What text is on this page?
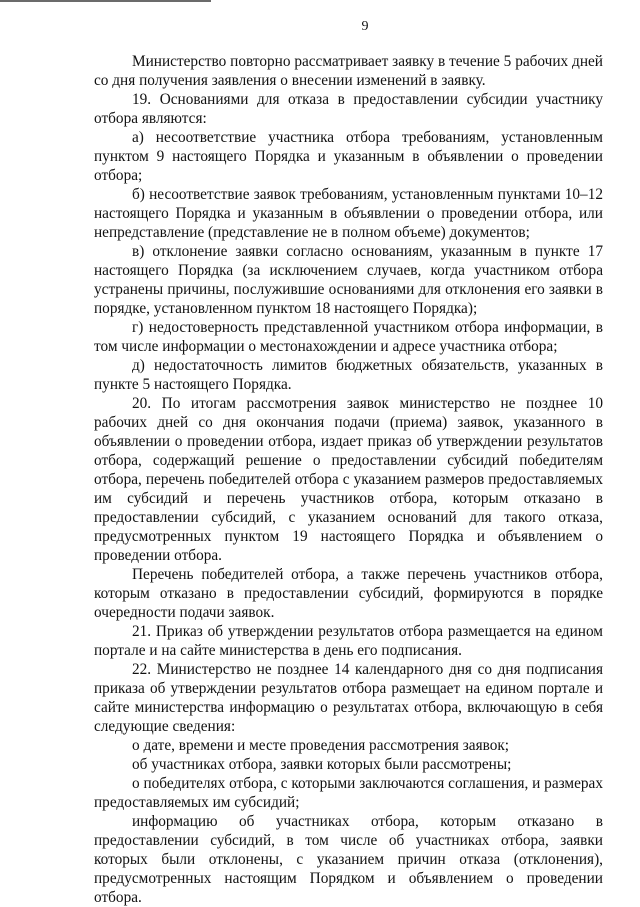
9

Министерство повторно рассматривает заявку в течение 5 рабочих дней со дня получения заявления о внесении изменений в заявку.

19. Основаниями для отказа в предоставлении субсидии участнику отбора являются:

а) несоответствие участника отбора требованиям, установленным пунктом 9 настоящего Порядка и указанным в объявлении о проведении отбора;

б) несоответствие заявок требованиям, установленным пунктами 10–12 настоящего Порядка и указанным в объявлении о проведении отбора, или непредставление (представление не в полном объеме) документов;

в) отклонение заявки согласно основаниям, указанным в пункте 17 настоящего Порядка (за исключением случаев, когда участником отбора устранены причины, послужившие основаниями для отклонения его заявки в порядке, установленном пунктом 18 настоящего Порядка);

г) недостоверность представленной участником отбора информации, в том числе информации о местонахождении и адресе участника отбора;

д) недостаточность лимитов бюджетных обязательств, указанных в пункте 5 настоящего Порядка.

20. По итогам рассмотрения заявок министерство не позднее 10 рабочих дней со дня окончания подачи (приема) заявок, указанного в объявлении о проведении отбора, издает приказ об утверждении результатов отбора, содержащий решение о предоставлении субсидий победителям отбора, перечень победителей отбора с указанием размеров предоставляемых им субсидий и перечень участников отбора, которым отказано в предоставлении субсидий, с указанием оснований для такого отказа, предусмотренных пунктом 19 настоящего Порядка и объявлением о проведении отбора.

Перечень победителей отбора, а также перечень участников отбора, которым отказано в предоставлении субсидий, формируются в порядке очередности подачи заявок.

21. Приказ об утверждении результатов отбора размещается на едином портале и на сайте министерства в день его подписания.

22. Министерство не позднее 14 календарного дня со дня подписания приказа об утверждении результатов отбора размещает на едином портале и сайте министерства информацию о результатах отбора, включающую в себя следующие сведения:

о дате, времени и месте проведения рассмотрения заявок;

об участниках отбора, заявки которых были рассмотрены;

о победителях отбора, с которыми заключаются соглашения, и размерах предоставляемых им субсидий;

информацию об участниках отбора, которым отказано в предоставлении субсидий, в том числе об участниках отбора, заявки которых были отклонены, с указанием причин отказа (отклонения), предусмотренных настоящим Порядком и объявлением о проведении отбора.
